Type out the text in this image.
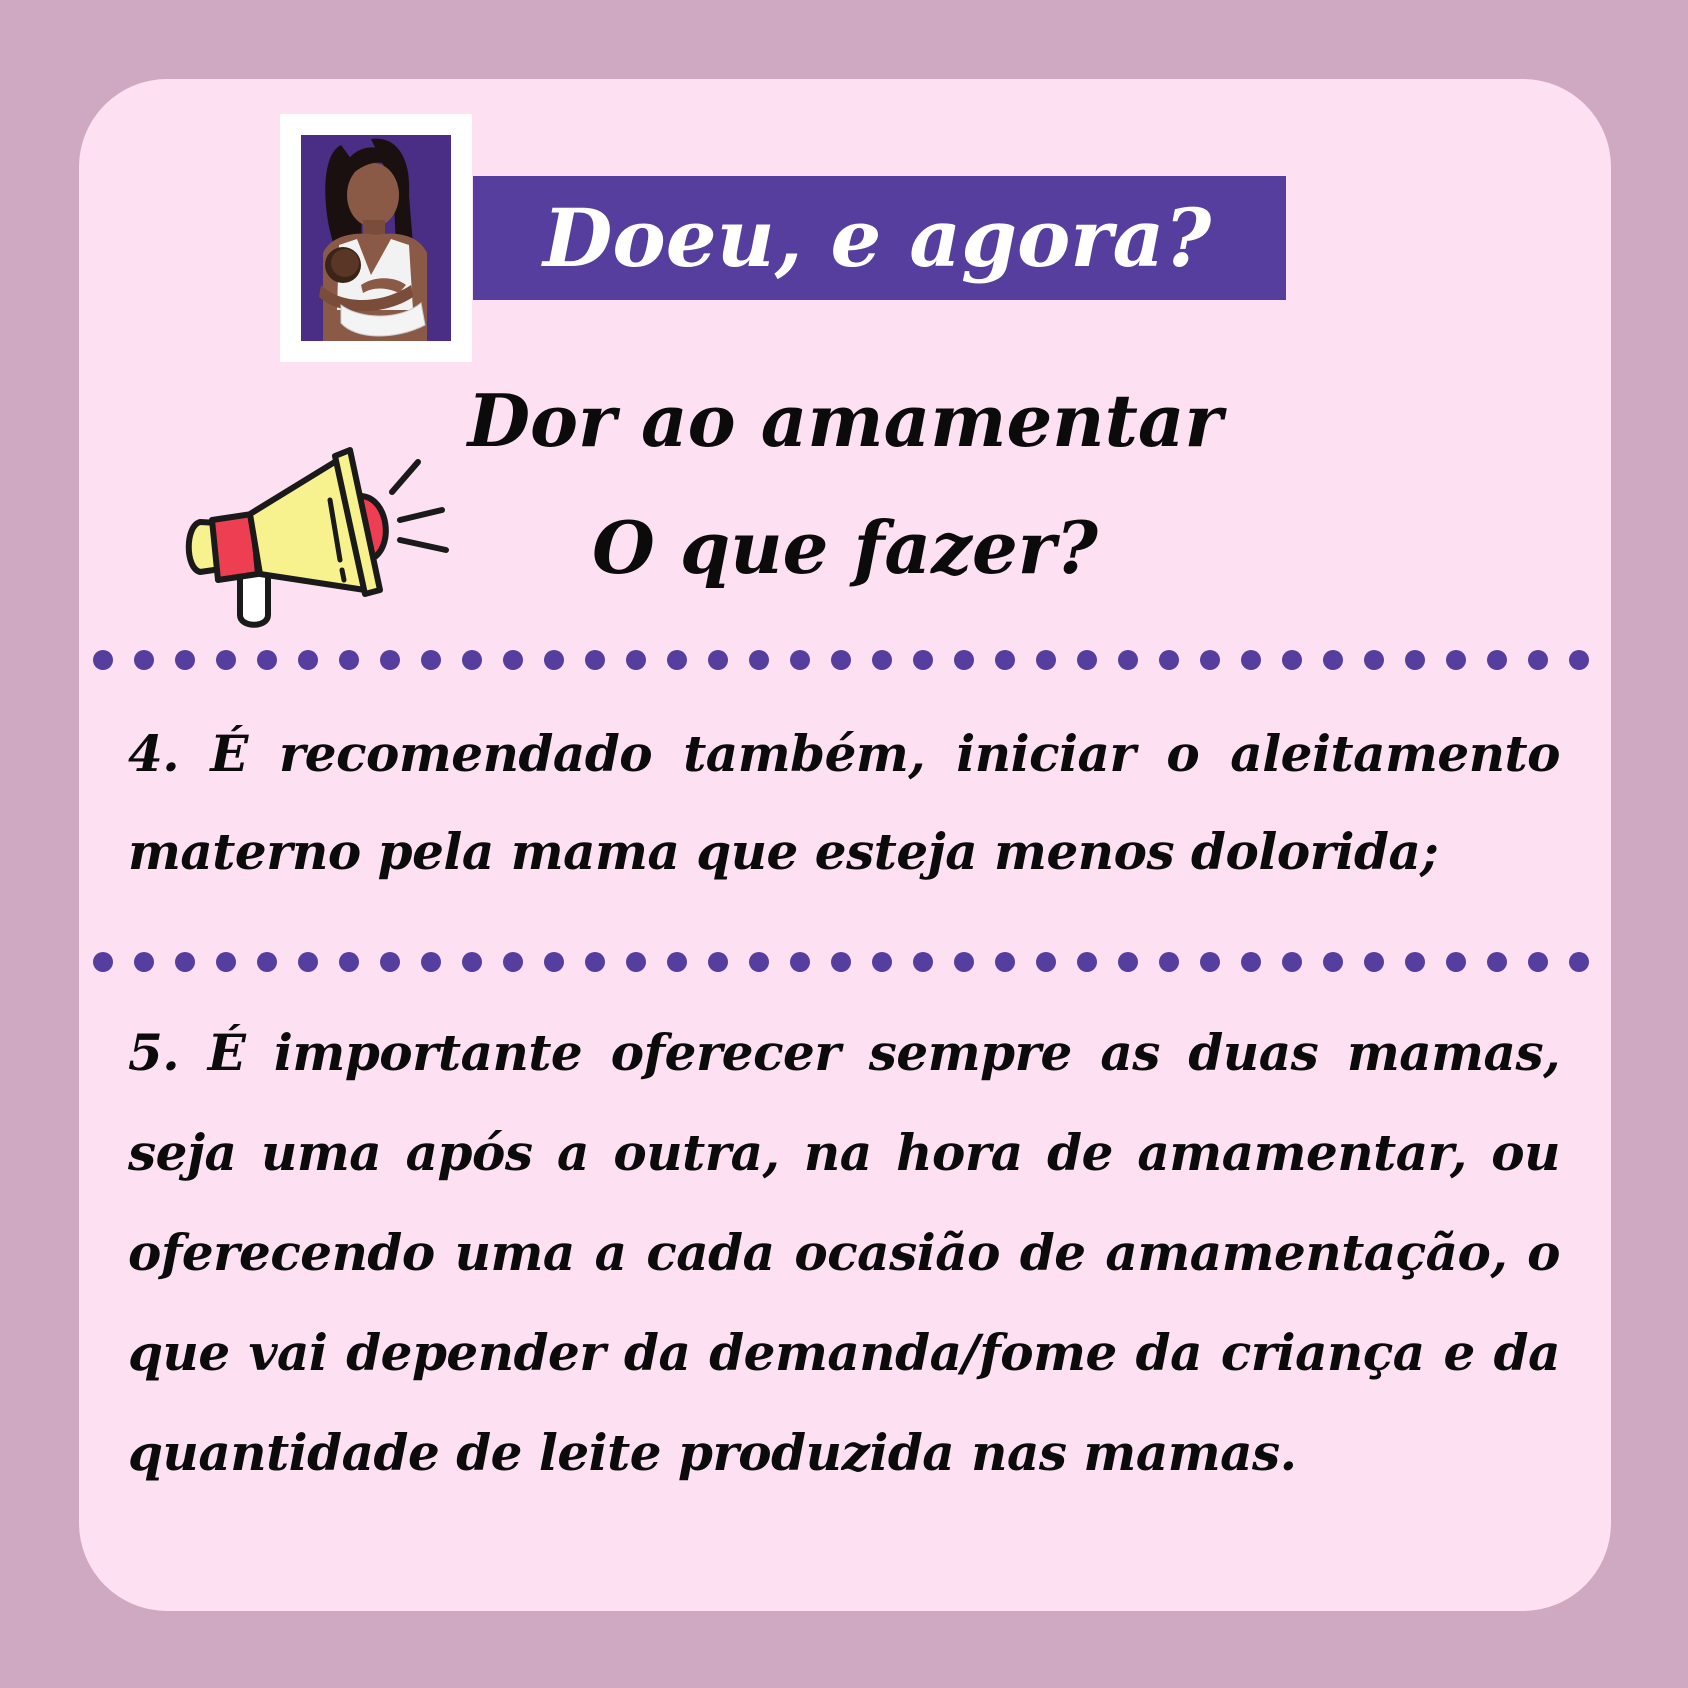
Doeu, e agora?
Dor ao amamentar
O que fazer?
4. É recomendado também, iniciar o aleitamento materno pela mama que esteja menos dolorida;
5. É importante oferecer sempre as duas mamas, seja uma após a outra, na hora de amamentar, ou oferecendo uma a cada ocasião de amamentação, o que vai depender da demanda/fome da criança e da quantidade de leite produzida nas mamas.
